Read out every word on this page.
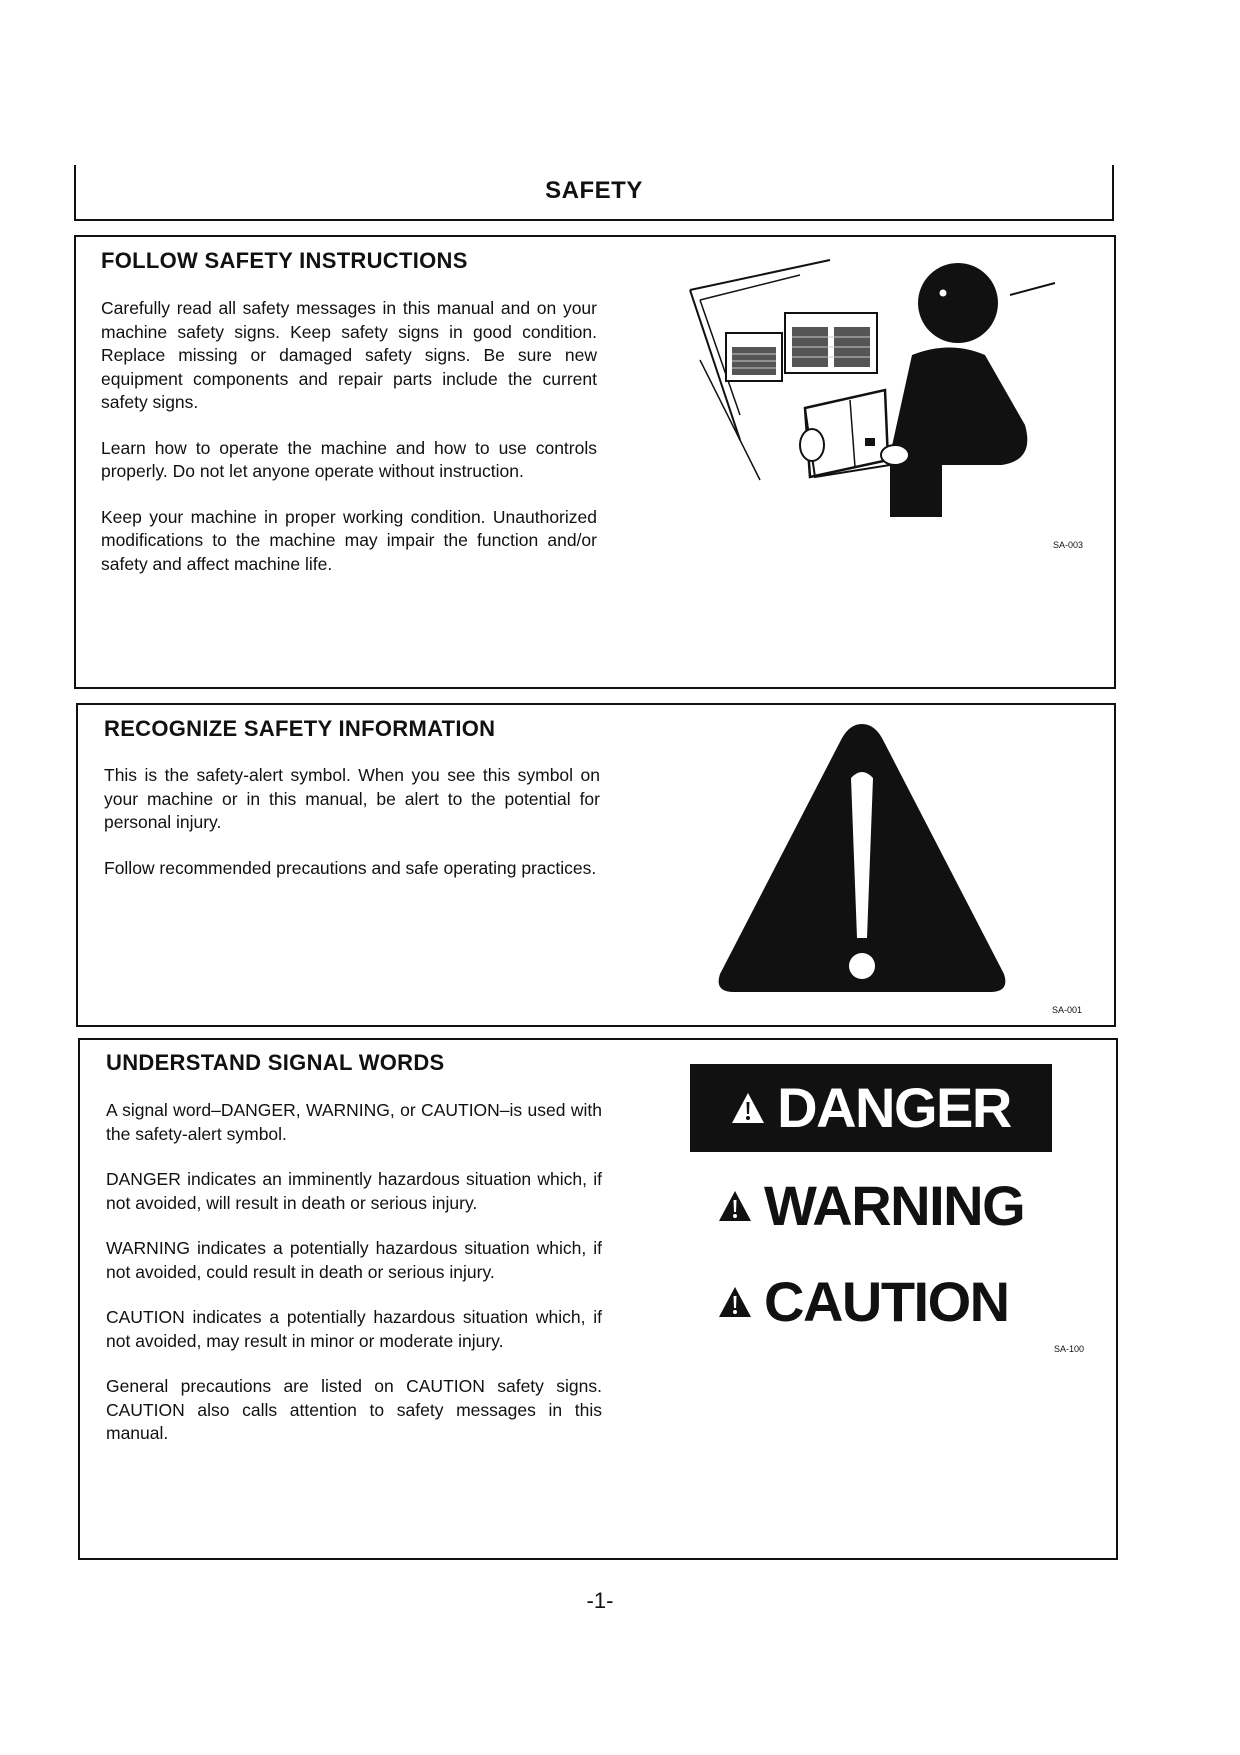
SAFETY
FOLLOW SAFETY INSTRUCTIONS

Carefully read all safety messages in this manual and on your machine safety signs. Keep safety signs in good condition. Replace missing or damaged safety signs. Be sure new equipment components and repair parts include the current safety signs.

Learn how to operate the machine and how to use controls properly. Do not let anyone operate without instruction.

Keep your machine in proper working condition. Unauthorized modifications to the machine may impair the function and/or safety and affect machine life.

SA-003
RECOGNIZE SAFETY INFORMATION

This is the safety-alert symbol. When you see this symbol on your machine or in this manual, be alert to the potential for personal injury.

Follow recommended precautions and safe operating practices.

SA-001
UNDERSTAND SIGNAL WORDS

A signal word–DANGER, WARNING, or CAUTION–is used with the safety-alert symbol.

DANGER indicates an imminently hazardous situation which, if not avoided, will result in death or serious injury.

WARNING indicates a potentially hazardous situation which, if not avoided, could result in death or serious injury.

CAUTION indicates a potentially hazardous situation which, if not avoided, may result in minor or moderate injury.

General precautions are listed on CAUTION safety signs. CAUTION also calls attention to safety messages in this manual.

DANGER
WARNING
CAUTION
SA-100
-1-
